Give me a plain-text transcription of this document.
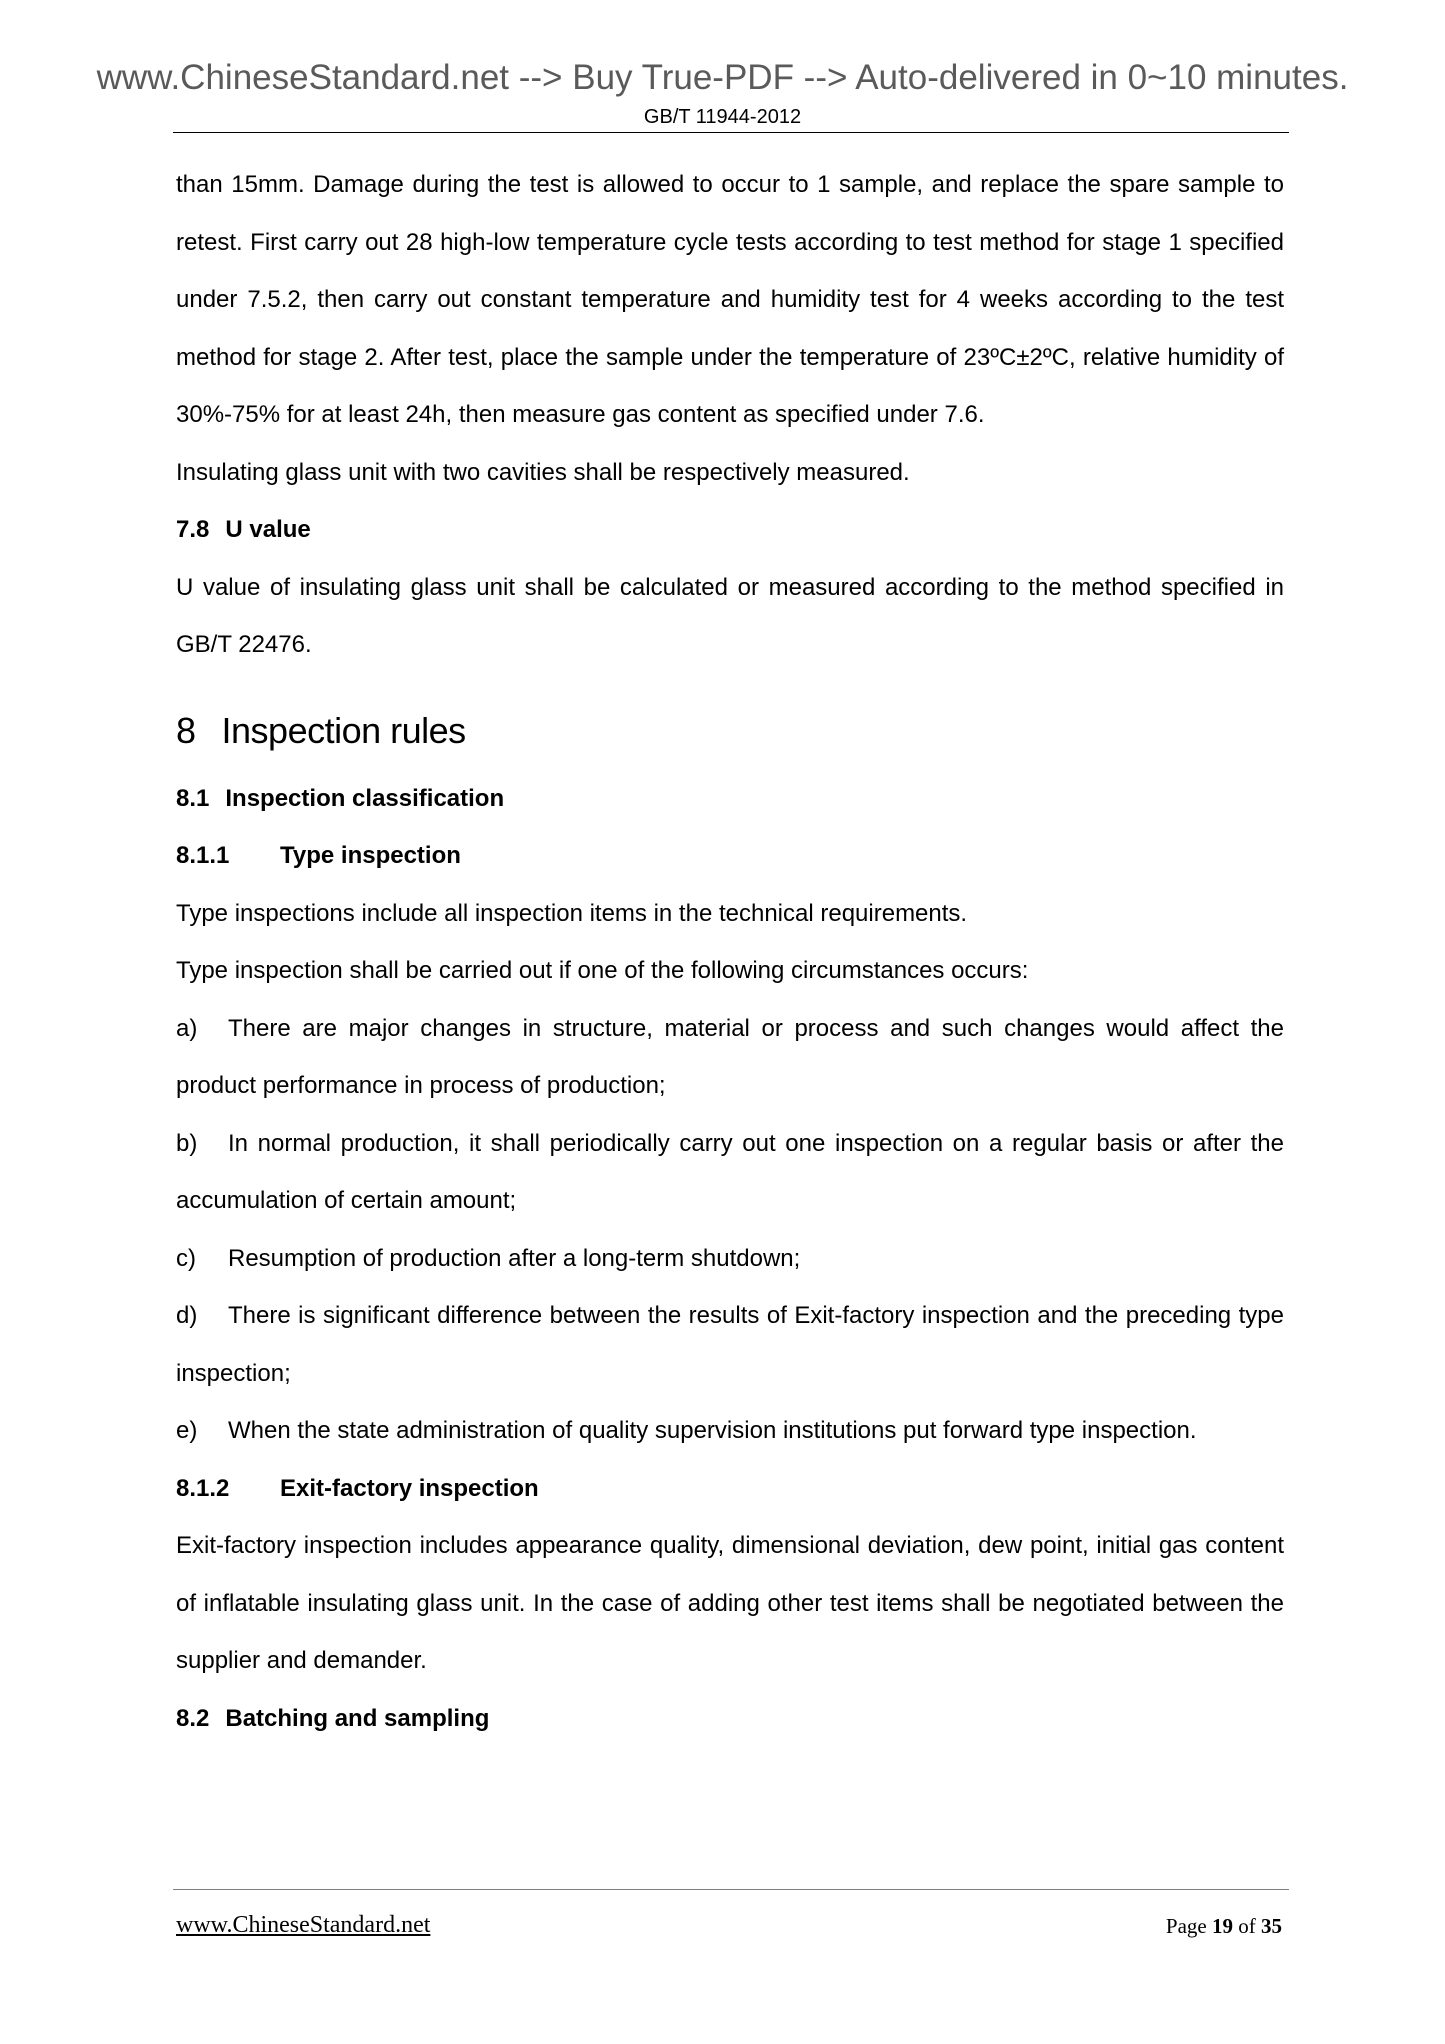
www.ChineseStandard.net --> Buy True-PDF --> Auto-delivered in 0~10 minutes.
GB/T 11944-2012

than 15mm. Damage during the test is allowed to occur to 1 sample, and replace the spare sample to retest. First carry out 28 high-low temperature cycle tests according to test method for stage 1 specified under 7.5.2, then carry out constant temperature and humidity test for 4 weeks according to the test method for stage 2. After test, place the sample under the temperature of 23ºC±2ºC, relative humidity of 30%-75% for at least 24h, then measure gas content as specified under 7.6.

Insulating glass unit with two cavities shall be respectively measured.

7.8 U value

U value of insulating glass unit shall be calculated or measured according to the method specified in GB/T 22476.

8 Inspection rules
8.1 Inspection classification
8.1.1 Type inspection

Type inspections include all inspection items in the technical requirements.

Type inspection shall be carried out if one of the following circumstances occurs:

a) There are major changes in structure, material or process and such changes would affect the product performance in process of production;

b) In normal production, it shall periodically carry out one inspection on a regular basis or after the accumulation of certain amount;

c) Resumption of production after a long-term shutdown;

d) There is significant difference between the results of Exit-factory inspection and the preceding type inspection;

e) When the state administration of quality supervision institutions put forward type inspection.

8.1.2 Exit-factory inspection

Exit-factory inspection includes appearance quality, dimensional deviation, dew point, initial gas content of inflatable insulating glass unit. In the case of adding other test items shall be negotiated between the supplier and demander.

8.2 Batching and sampling
www.ChineseStandard.net	Page 19 of 35
